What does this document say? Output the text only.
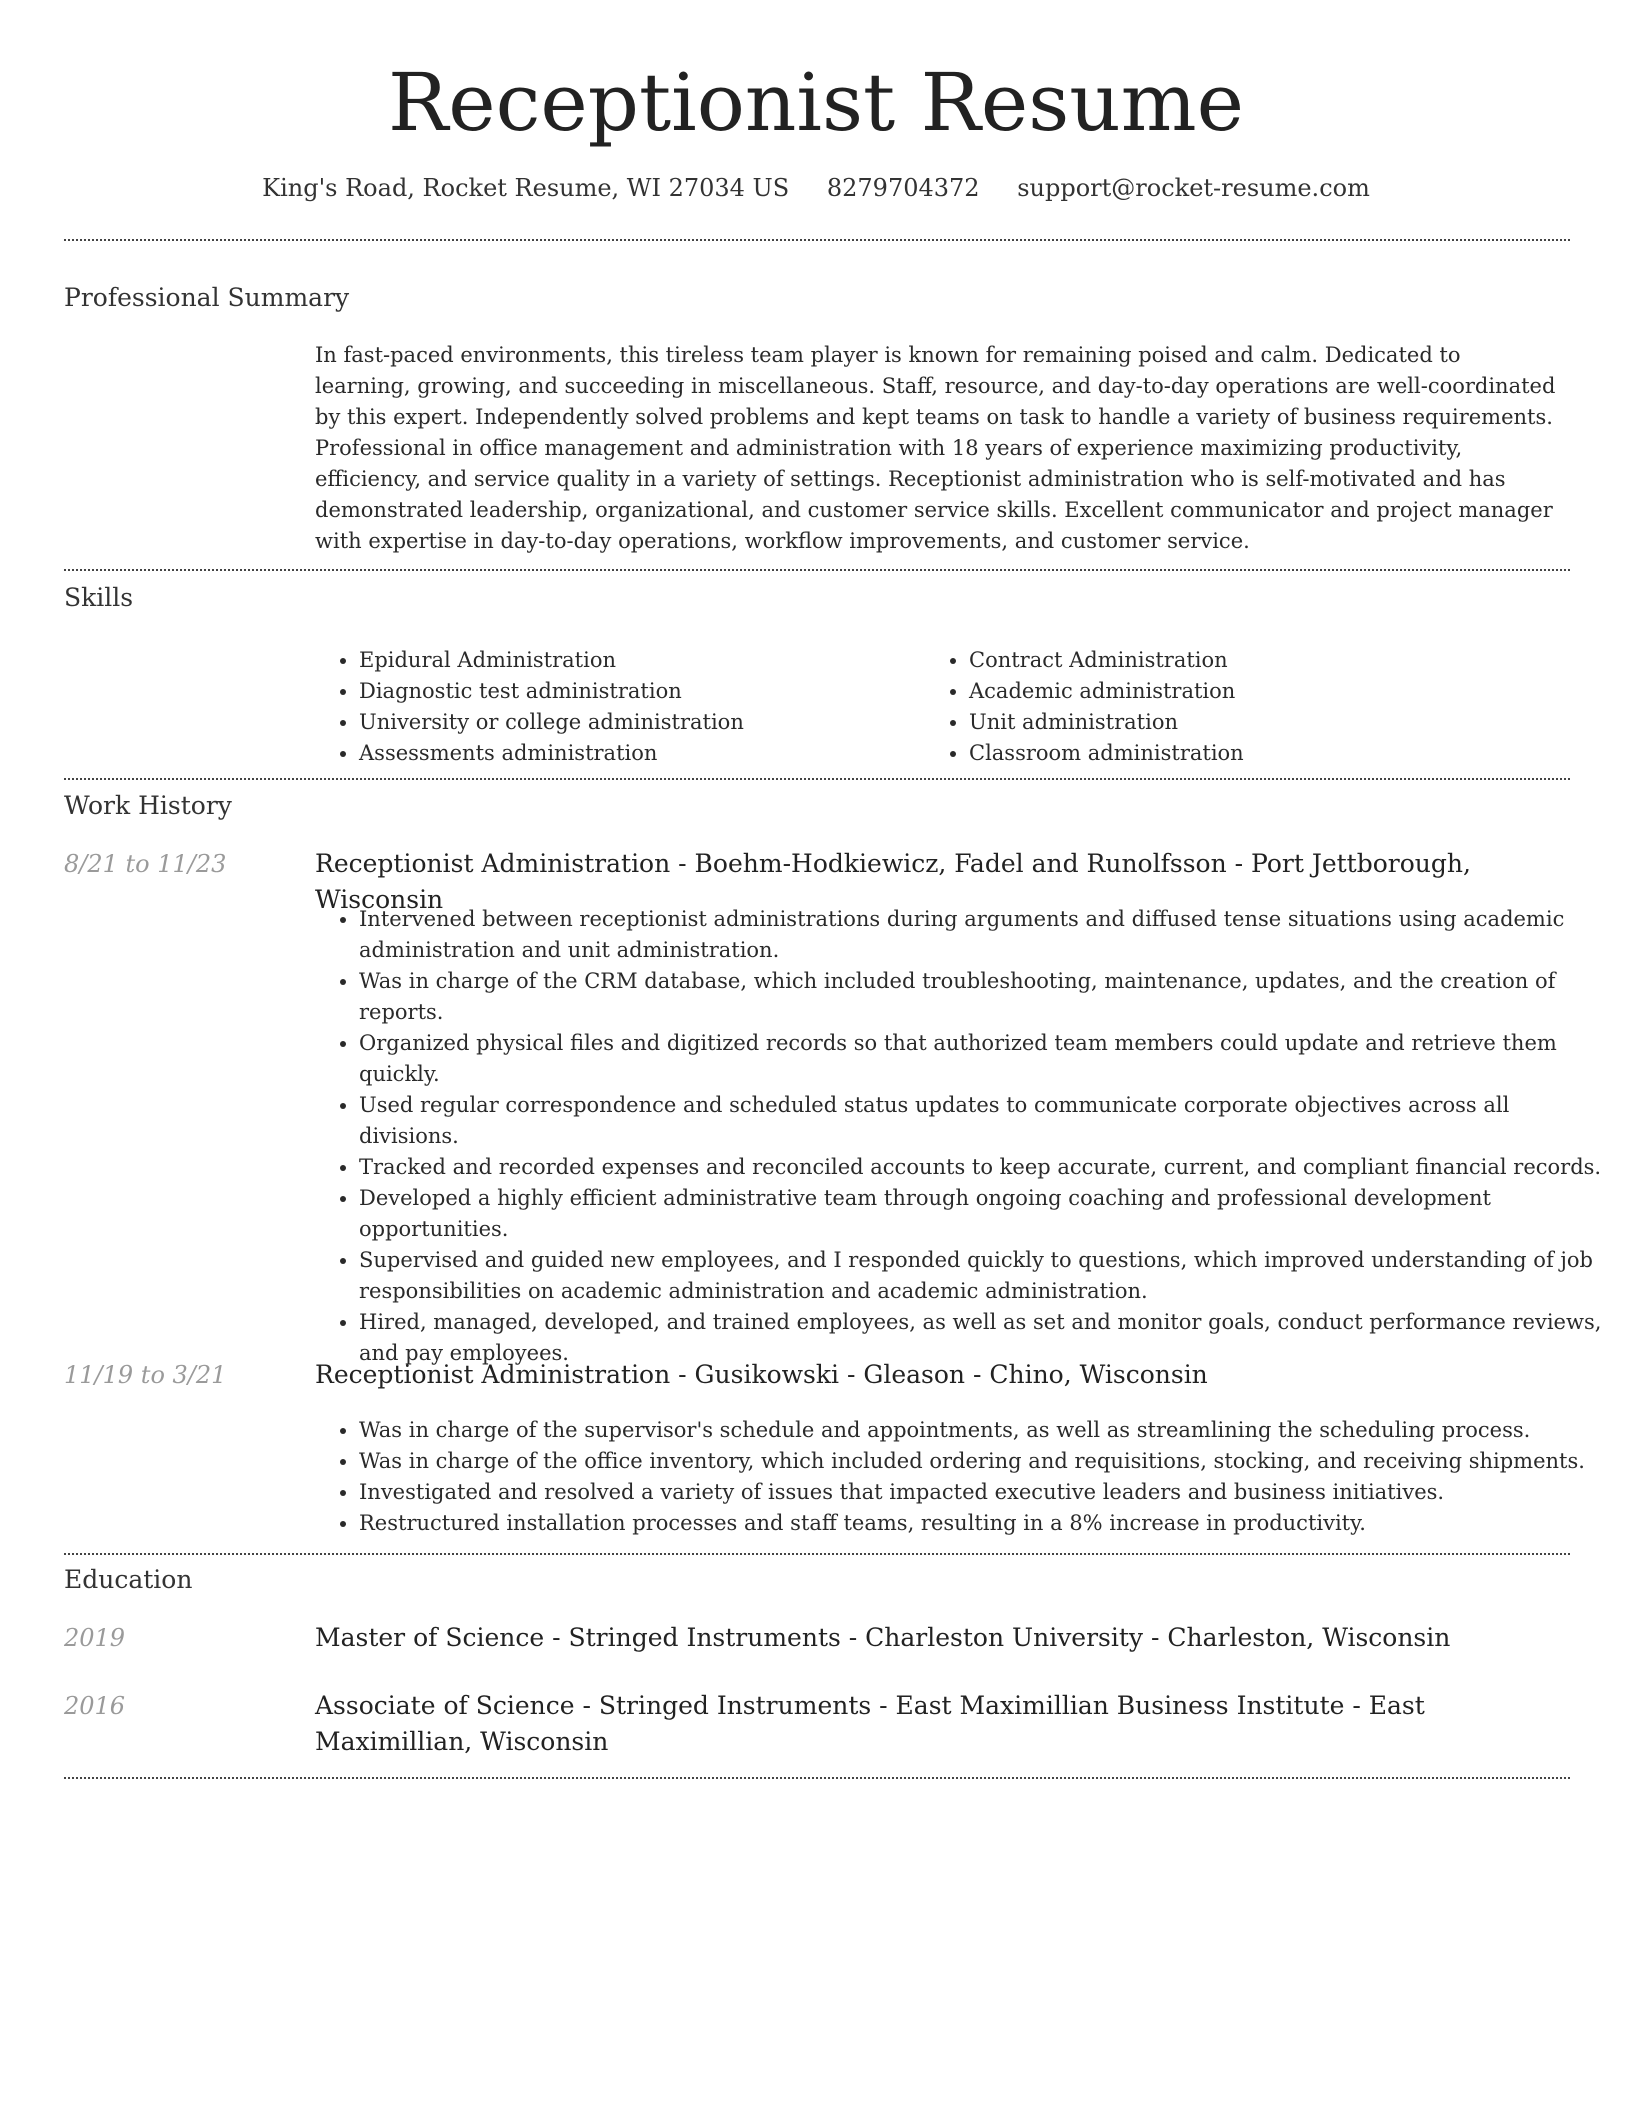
Receptionist Resume
King's Road, Rocket Resume, WI 27034 US 8279704372 support@rocket-resume.com
Professional Summary

In fast-paced environments, this tireless team player is known for remaining poised and calm. Dedicated to learning, growing, and succeeding in miscellaneous. Staff, resource, and day-to-day operations are well-coordinated by this expert. Independently solved problems and kept teams on task to handle a variety of business requirements. Professional in office management and administration with 18 years of experience maximizing productivity, efficiency, and service quality in a variety of settings. Receptionist administration who is self-motivated and has demonstrated leadership, organizational, and customer service skills. Excellent communicator and project manager with expertise in day-to-day operations, workflow improvements, and customer service.

Skills
• Epidural Administration
• Diagnostic test administration
• University or college administration
• Assessments administration
• Contract Administration
• Academic administration
• Unit administration
• Classroom administration
Work History
8/21 to 11/23	Receptionist Administration - Boehm-Hodkiewicz, Fadel and Runolfsson - Port Jettborough, Wisconsin
• Intervened between receptionist administrations during arguments and diffused tense situations using academic administration and unit administration.
• Was in charge of the CRM database, which included troubleshooting, maintenance, updates, and the creation of reports.
• Organized physical files and digitized records so that authorized team members could update and retrieve them quickly.
• Used regular correspondence and scheduled status updates to communicate corporate objectives across all divisions.
• Tracked and recorded expenses and reconciled accounts to keep accurate, current, and compliant financial records.
• Developed a highly efficient administrative team through ongoing coaching and professional development opportunities.
• Supervised and guided new employees, and I responded quickly to questions, which improved understanding of job responsibilities on academic administration and academic administration.
• Hired, managed, developed, and trained employees, as well as set and monitor goals, conduct performance reviews, and pay employees.
11/19 to 3/21	Receptionist Administration - Gusikowski - Gleason - Chino, Wisconsin
• Was in charge of the supervisor's schedule and appointments, as well as streamlining the scheduling process.
• Was in charge of the office inventory, which included ordering and requisitions, stocking, and receiving shipments.
• Investigated and resolved a variety of issues that impacted executive leaders and business initiatives.
• Restructured installation processes and staff teams, resulting in a 8% increase in productivity.
Education
2019	Master of Science - Stringed Instruments - Charleston University - Charleston, Wisconsin
2016	Associate of Science - Stringed Instruments - East Maximillian Business Institute - East Maximillian, Wisconsin
